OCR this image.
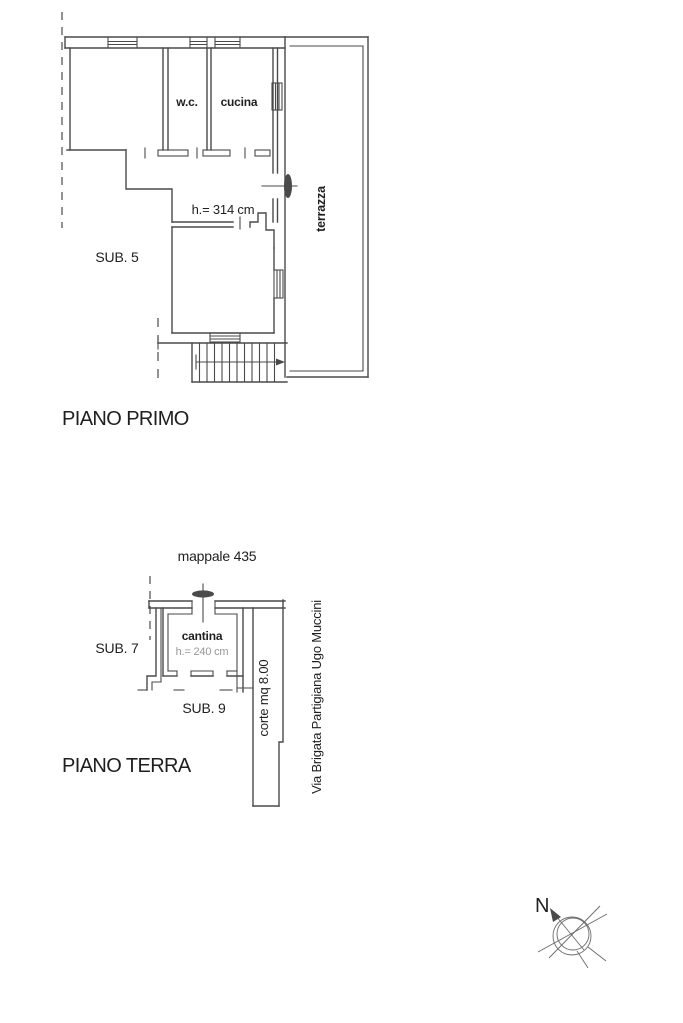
w.c. cucina
terrazza
h.= 314 cm
SUB. 5
PIANO PRIMO
mappale 435
SUB. 7
cantina
h.= 240 cm
SUB. 9 corte mq 8.00	Via Brigata Partigiana Ugo Muccini
PIANO TERRA
N
